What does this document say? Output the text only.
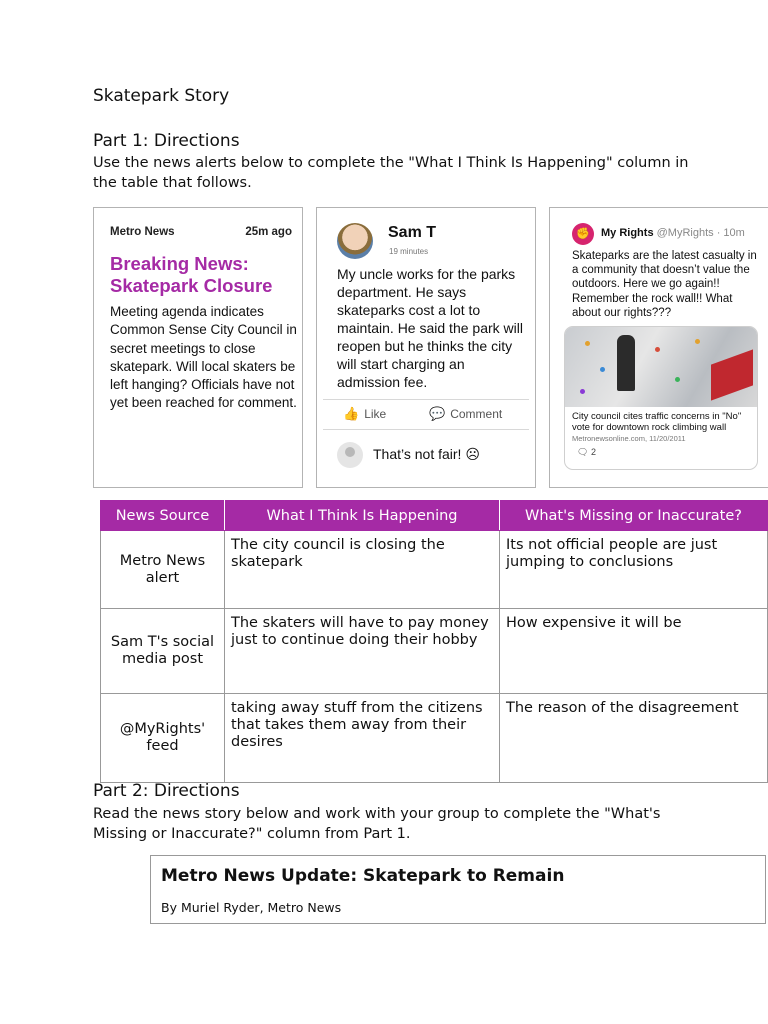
Skatepark Story
Part 1: Directions
Use the news alerts below to complete the "What I Think Is Happening" column in the table that follows.
Metro News	25m ago
Breaking News: Skatepark Closure
Meeting agenda indicates Common Sense City Council in secret meetings to close skatepark. Will local skaters be left hanging? Officials have not yet been reached for comment.
Sam T
19 minutes
My uncle works for the parks department. He says skateparks cost a lot to maintain. He said the park will reopen but he thinks the city will start charging an admission fee.
👍 Like	💬 Comment
That’s not fair! ☹
✊	My Rights @MyRights · 10m
Skateparks are the latest casualty in a community that doesn’t value the outdoors. Here we go again!! Remember the rock wall!! What about our rights???
City council cites traffic concerns in "No" vote for downtown rock climbing wall
Metronewsonline.com, 11/20/2011
🗨 2
News Source	What I Think Is Happening	What's Missing or Inaccurate?
Metro News alert	The city council is closing the skatepark	Its not official people are just jumping to conclusions
Sam T's social media post	The skaters will have to pay money just to continue doing their hobby	How expensive it will be
@MyRights' feed	taking away stuff from the citizens that takes them away from their desires	The reason of the disagreement
Part 2: Directions
Read the news story below and work with your group to complete the "What's Missing or Inaccurate?" column from Part 1.
Metro News Update: Skatepark to Remain
By Muriel Ryder, Metro News
